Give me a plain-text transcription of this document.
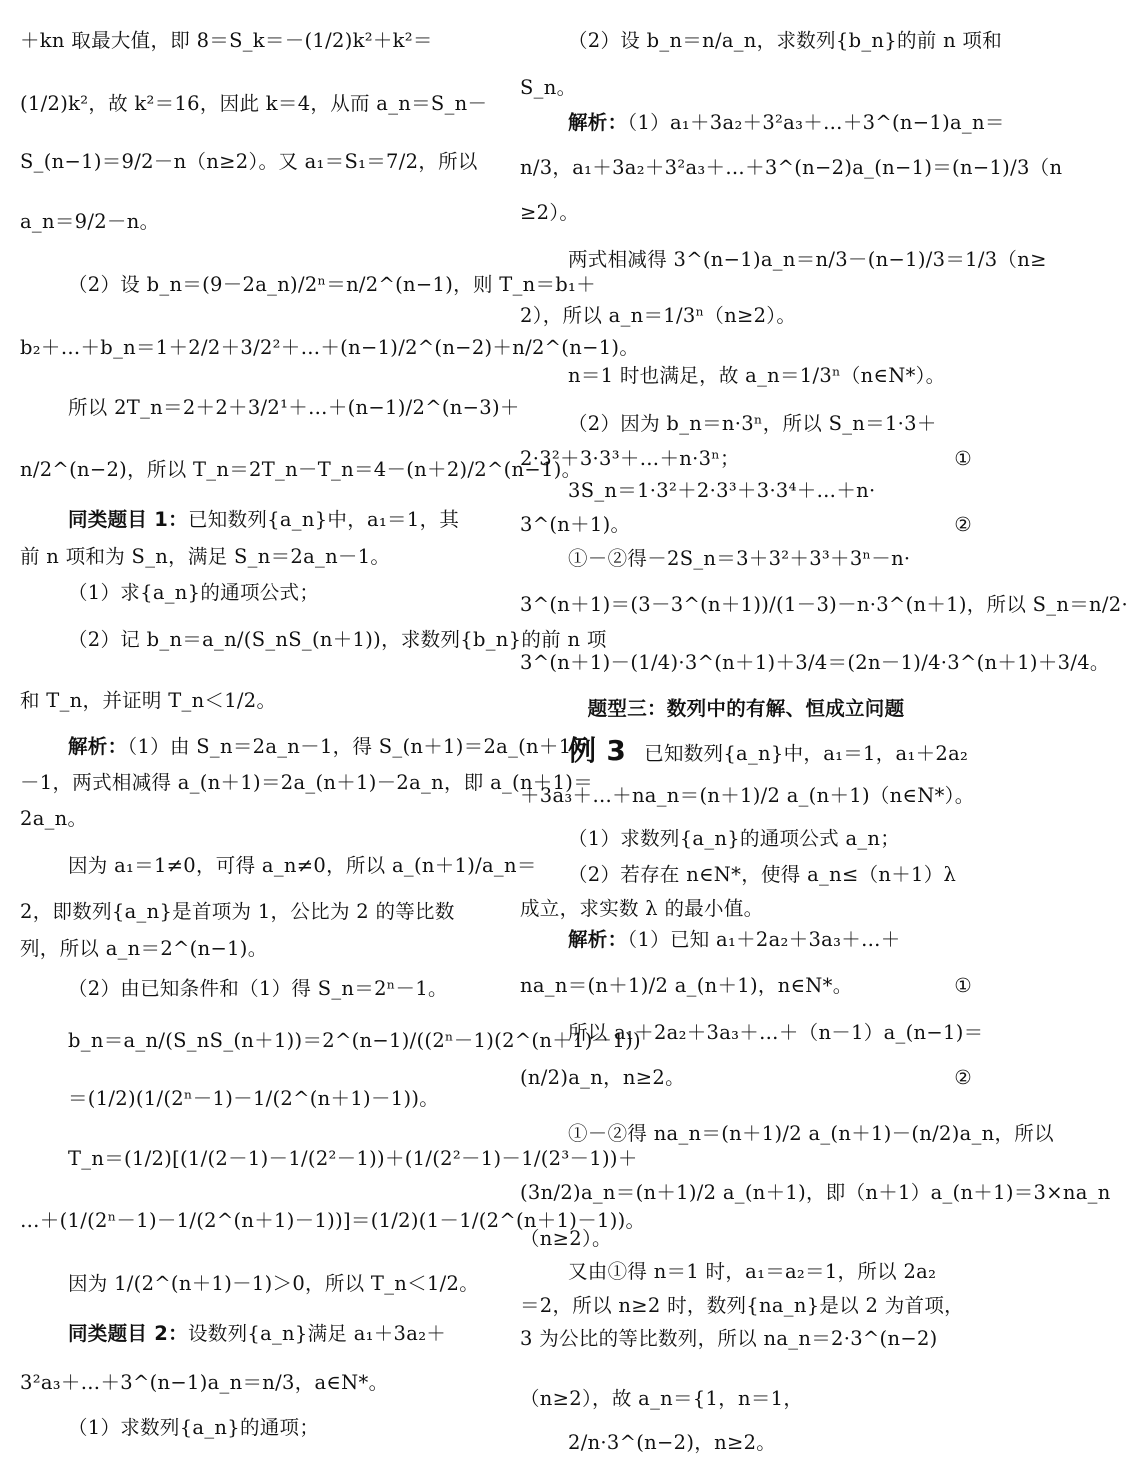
＋kn 取最大值，即 8＝S_k＝－(1/2)k²＋k²＝
(1/2)k²，故 k²＝16，因此 k＝4，从而 a_n＝S_n－
S_(n−1)＝9/2－n（n≥2）。又 a₁＝S₁＝7/2，所以
a_n＝9/2－n。
（2）设 b_n＝(9－2a_n)/2ⁿ＝n/2^(n−1)，则 T_n＝b₁＋
b₂＋…＋b_n＝1＋2/2＋3/2²＋…＋(n−1)/2^(n−2)＋n/2^(n−1)。
所以 2T_n＝2＋2＋3/2¹＋…＋(n−1)/2^(n−3)＋
n/2^(n−2)，所以 T_n＝2T_n－T_n＝4－(n＋2)/2^(n−1)。
同类题目 1：已知数列{a_n}中，a₁＝1，其
前 n 项和为 S_n，满足 S_n＝2a_n－1。
（1）求{a_n}的通项公式；
（2）记 b_n＝a_n/(S_nS_(n＋1))，求数列{b_n}的前 n 项
和 T_n，并证明 T_n＜1/2。
解析：（1）由 S_n＝2a_n－1，得 S_(n＋1)＝2a_(n＋1)
－1，两式相减得 a_(n＋1)＝2a_(n＋1)－2a_n，即 a_(n＋1)＝
2a_n。
因为 a₁＝1≠0，可得 a_n≠0，所以 a_(n＋1)/a_n＝
2，即数列{a_n}是首项为 1，公比为 2 的等比数
列，所以 a_n＝2^(n−1)。
（2）由已知条件和（1）得 S_n＝2ⁿ－1。
b_n＝a_n/(S_nS_(n＋1))＝2^(n−1)/((2ⁿ－1)(2^(n＋1)－1))
＝(1/2)(1/(2ⁿ－1)－1/(2^(n＋1)－1))。
T_n＝(1/2)[(1/(2－1)－1/(2²－1))＋(1/(2²－1)－1/(2³－1))＋
…＋(1/(2ⁿ－1)－1/(2^(n＋1)－1))]＝(1/2)(1－1/(2^(n＋1)－1))。
因为 1/(2^(n＋1)－1)＞0，所以 T_n＜1/2。
同类题目 2：设数列{a_n}满足 a₁＋3a₂＋
3²a₃＋…＋3^(n−1)a_n＝n/3，a∈N*。
（1）求数列{a_n}的通项；
（2）设 b_n＝n/a_n，求数列{b_n}的前 n 项和
S_n。
解析：（1）a₁＋3a₂＋3²a₃＋…＋3^(n−1)a_n＝
n/3，a₁＋3a₂＋3²a₃＋…＋3^(n−2)a_(n−1)＝(n−1)/3（n
≥2）。
两式相减得 3^(n−1)a_n＝n/3－(n−1)/3＝1/3（n≥
2），所以 a_n＝1/3ⁿ（n≥2）。
n＝1 时也满足，故 a_n＝1/3ⁿ（n∈N*）。
（2）因为 b_n＝n·3ⁿ，所以 S_n＝1·3＋
2·3²＋3·3³＋…＋n·3ⁿ；	①
3S_n＝1·3²＋2·3³＋3·3⁴＋…＋n·
3^(n＋1)。	②
①－②得－2S_n＝3＋3²＋3³＋3ⁿ－n·
3^(n＋1)＝(3－3^(n＋1))/(1－3)－n·3^(n＋1)，所以 S_n＝n/2·
3^(n＋1)－(1/4)·3^(n＋1)＋3/4＝(2n－1)/4·3^(n＋1)＋3/4。
题型三：数列中的有解、恒成立问题
例 3 已知数列{a_n}中，a₁＝1，a₁＋2a₂
＋3a₃＋…＋na_n＝(n＋1)/2 a_(n＋1)（n∈N*）。
（1）求数列{a_n}的通项公式 a_n；
（2）若存在 n∈N*，使得 a_n≤（n＋1）λ
成立，求实数 λ 的最小值。
解析：（1）已知 a₁＋2a₂＋3a₃＋…＋
na_n＝(n＋1)/2 a_(n＋1)，n∈N*。	①
所以 a₁＋2a₂＋3a₃＋…＋（n－1）a_(n−1)＝
(n/2)a_n，n≥2。	②
①－②得 na_n＝(n＋1)/2 a_(n＋1)－(n/2)a_n，所以
(3n/2)a_n＝(n＋1)/2 a_(n＋1)，即（n＋1）a_(n＋1)＝3×na_n
（n≥2）。
又由①得 n＝1 时，a₁＝a₂＝1，所以 2a₂
＝2，所以 n≥2 时，数列{na_n}是以 2 为首项，
3 为公比的等比数列，所以 na_n＝2·3^(n−2)
（n≥2），故 a_n＝{1，n＝1，
2/n·3^(n−2)，n≥2。
